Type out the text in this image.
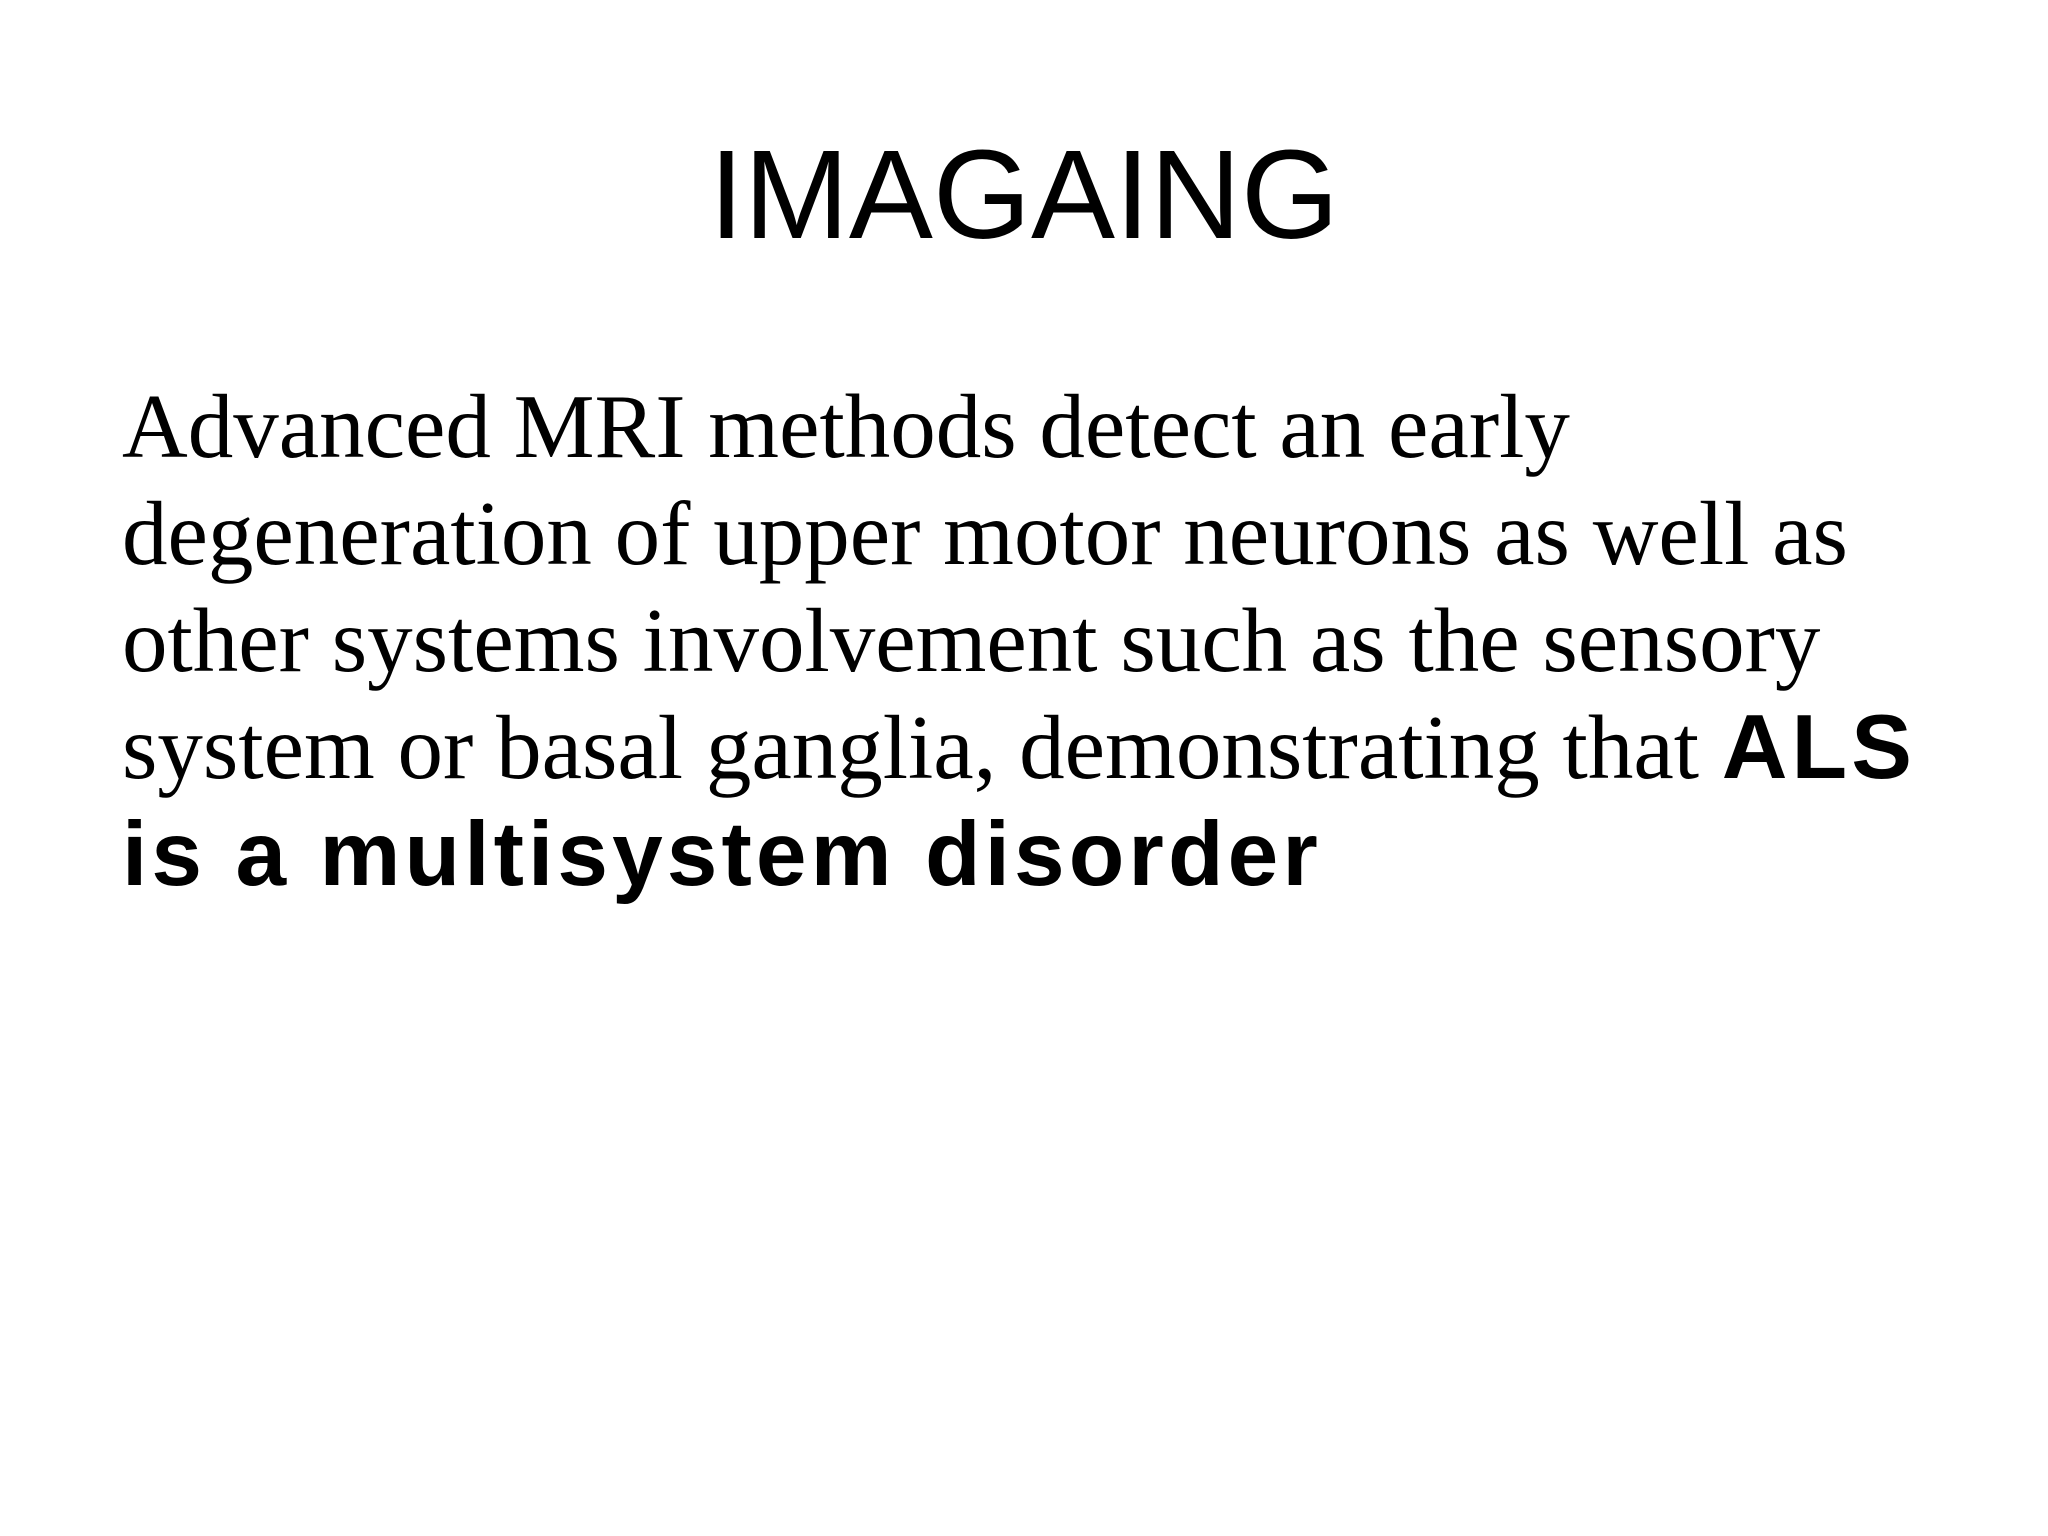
IMAGAING
Advanced MRI methods detect an early
degeneration of upper motor neurons as well as
other systems involvement such as the sensory
system or basal ganglia, demonstrating that ALS
is a multisystem disorder
